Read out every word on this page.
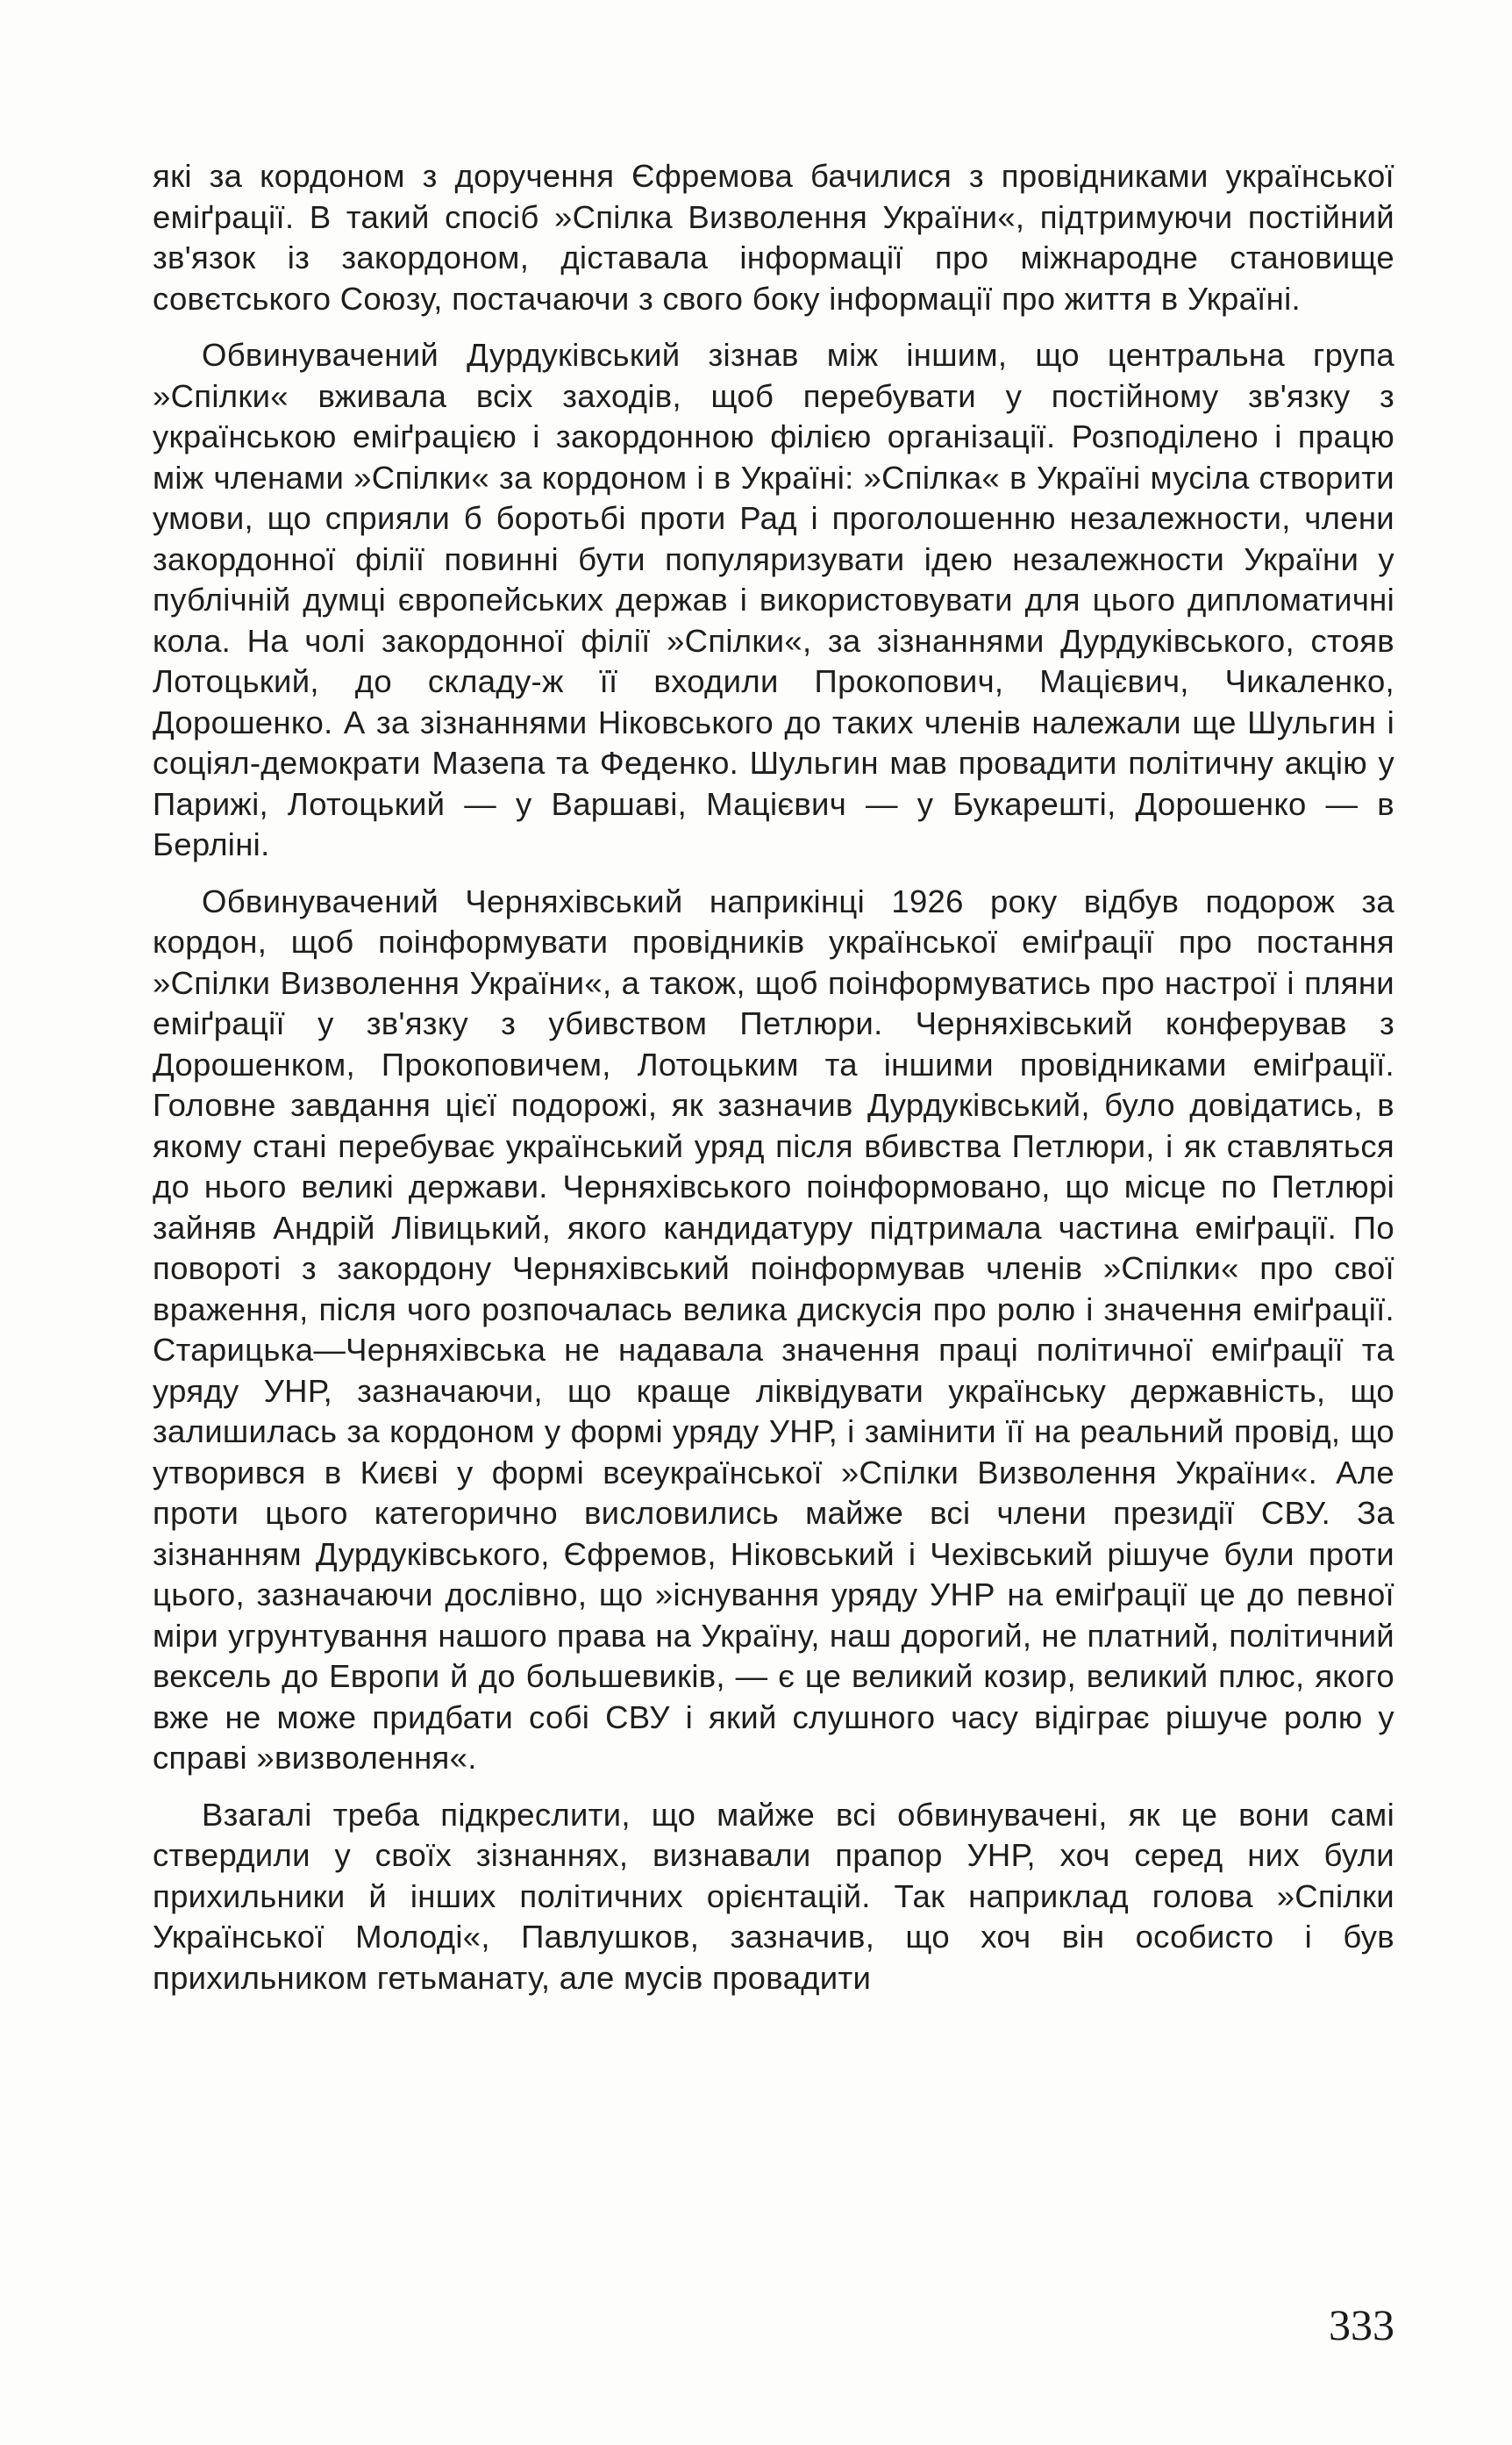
які за кордоном з доручення Єфремова бачилися з провідниками української еміґрації. В такий спосіб »Спілка Визволення України«, підтримуючи постійний зв'язок із закордоном, діставала інформації про міжнародне становище совєтського Союзу, постачаючи з свого боку інформації про життя в Україні.

Обвинувачений Дурдуківський зізнав між іншим, що центральна група »Спілки« вживала всіх заходів, щоб перебувати у постійному зв'язку з українською еміґрацією і закордонною філією організації. Розподілено і працю між членами »Спілки« за кордоном і в Україні: »Спілка« в Україні мусіла створити умови, що сприяли б боротьбі проти Рад і проголошенню незалежности, члени закордонної філії повинні бути популяризувати ідею незалежности України у публічній думці європейських держав і використовувати для цього дипломатичні кола. На чолі закордонної філії »Спілки«, за зізнаннями Дурдуківського, стояв Лотоцький, до складу-ж її входили Прокопович, Мацієвич, Чикаленко, Дорошенко. А за зізнаннями Ніковського до таких членів належали ще Шульгин і соціял-демократи Мазепа та Феденко. Шульгин мав провадити політичну акцію у Парижі, Лотоцький — у Варшаві, Мацієвич — у Букарешті, Дорошенко — в Берліні.

Обвинувачений Черняхівський наприкінці 1926 року відбув подорож за кордон, щоб поінформувати провідників української еміґрації про постання »Спілки Визволення України«, а також, щоб поінформуватись про настрої і пляни еміґрації у зв'язку з убивством Петлюри. Черняхівський конферував з Дорошенком, Прокоповичем, Лотоцьким та іншими провідниками еміґрації. Головне завдання цієї подорожі, як зазначив Дурдуківський, було довідатись, в якому стані перебуває український уряд після вбивства Петлюри, і як ставляться до нього великі держави. Черняхівського поінформовано, що місце по Петлюрі зайняв Андрій Лівицький, якого кандидатуру підтримала частина еміґрації. По повороті з закордону Черняхівський поінформував членів »Спілки« про свої враження, після чого розпочалась велика дискусія про ролю і значення еміґрації. Старицька—Черняхівська не надавала значення праці політичної еміґрації та уряду УНР, зазначаючи, що краще ліквідувати українську державність, що залишилась за кордоном у формі уряду УНР, і замінити її на реальний провід, що утворився в Києві у формі всеукраїнської »Спілки Визволення України«. Але проти цього категорично висловились майже всі члени президії СВУ. За зізнанням Дурдуківського, Єфремов, Ніковський і Чехівський рішуче були проти цього, зазначаючи дослівно, що »існування уряду УНР на еміґрації це до певної міри угрунтування нашого права на Україну, наш дорогий, не платний, політичний вексель до Европи й до большевиків, — є це великий козир, великий плюс, якого вже не може придбати собі СВУ і який слушного часу відіграє рішуче ролю у справі »визволення«.

Взагалі треба підкреслити, що майже всі обвинувачені, як це вони самі ствердили у своїх зізнаннях, визнавали прапор УНР, хоч серед них були прихильники й інших політичних орієнтацій. Так наприклад голова »Спілки Української Молоді«, Павлушков, зазначив, що хоч він особисто і був прихильником гетьманату, але мусів провадити

333
